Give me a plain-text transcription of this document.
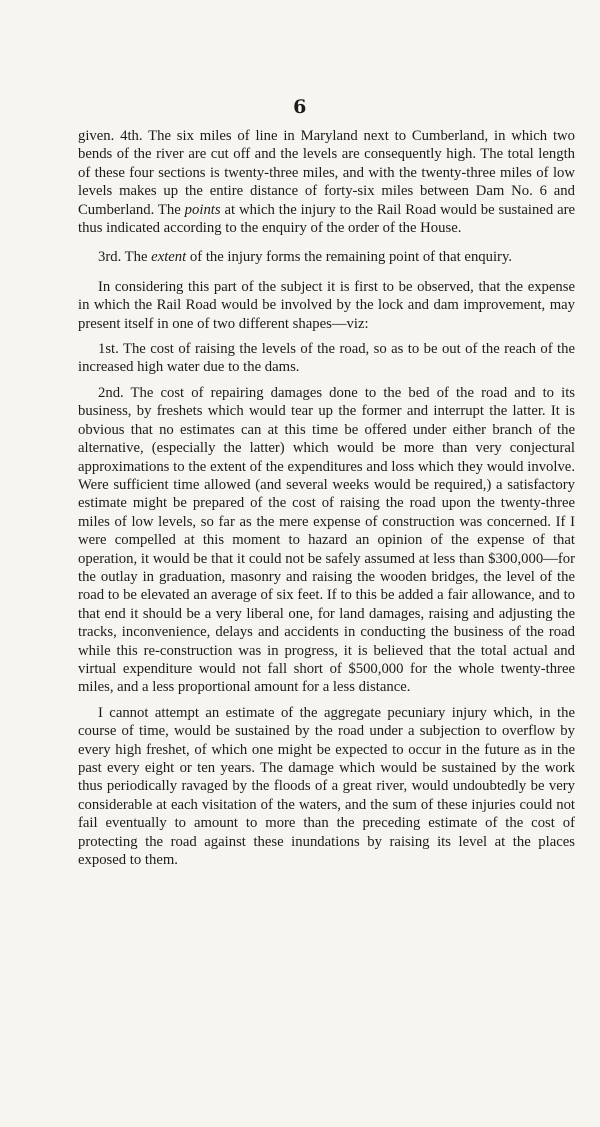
6

given. 4th. The six miles of line in Maryland next to Cumberland, in which two bends of the river are cut off and the levels are consequently high. The total length of these four sections is twenty-three miles, and with the twenty-three miles of low levels makes up the entire distance of forty-six miles between Dam No. 6 and Cumberland. The points at which the injury to the Rail Road would be sustained are thus indicated according to the enquiry of the order of the House.

3rd. The extent of the injury forms the remaining point of that enquiry.

In considering this part of the subject it is first to be observed, that the expense in which the Rail Road would be involved by the lock and dam improvement, may present itself in one of two different shapes—viz:

1st. The cost of raising the levels of the road, so as to be out of the reach of the increased high water due to the dams.

2nd. The cost of repairing damages done to the bed of the road and to its business, by freshets which would tear up the former and interrupt the latter. It is obvious that no estimates can at this time be offered under either branch of the alternative, (especially the latter) which would be more than very conjectural approximations to the extent of the expenditures and loss which they would involve. Were sufficient time allowed (and several weeks would be required,) a satisfactory estimate might be prepared of the cost of raising the road upon the twenty-three miles of low levels, so far as the mere expense of construction was concerned. If I were compelled at this moment to hazard an opinion of the expense of that operation, it would be that it could not be safely assumed at less than $300,000—for the outlay in graduation, masonry and raising the wooden bridges, the level of the road to be elevated an average of six feet. If to this be added a fair allowance, and to that end it should be a very liberal one, for land damages, raising and adjusting the tracks, inconvenience, delays and accidents in conducting the business of the road while this re-construction was in progress, it is believed that the total actual and virtual expenditure would not fall short of $500,000 for the whole twenty-three miles, and a less proportional amount for a less distance.

I cannot attempt an estimate of the aggregate pecuniary injury which, in the course of time, would be sustained by the road under a subjection to overflow by every high freshet, of which one might be expected to occur in the future as in the past every eight or ten years. The damage which would be sustained by the work thus periodically ravaged by the floods of a great river, would undoubtedly be very considerable at each visitation of the waters, and the sum of these injuries could not fail eventually to amount to more than the preceding estimate of the cost of protecting the road against these inundations by raising its level at the places exposed to them.
